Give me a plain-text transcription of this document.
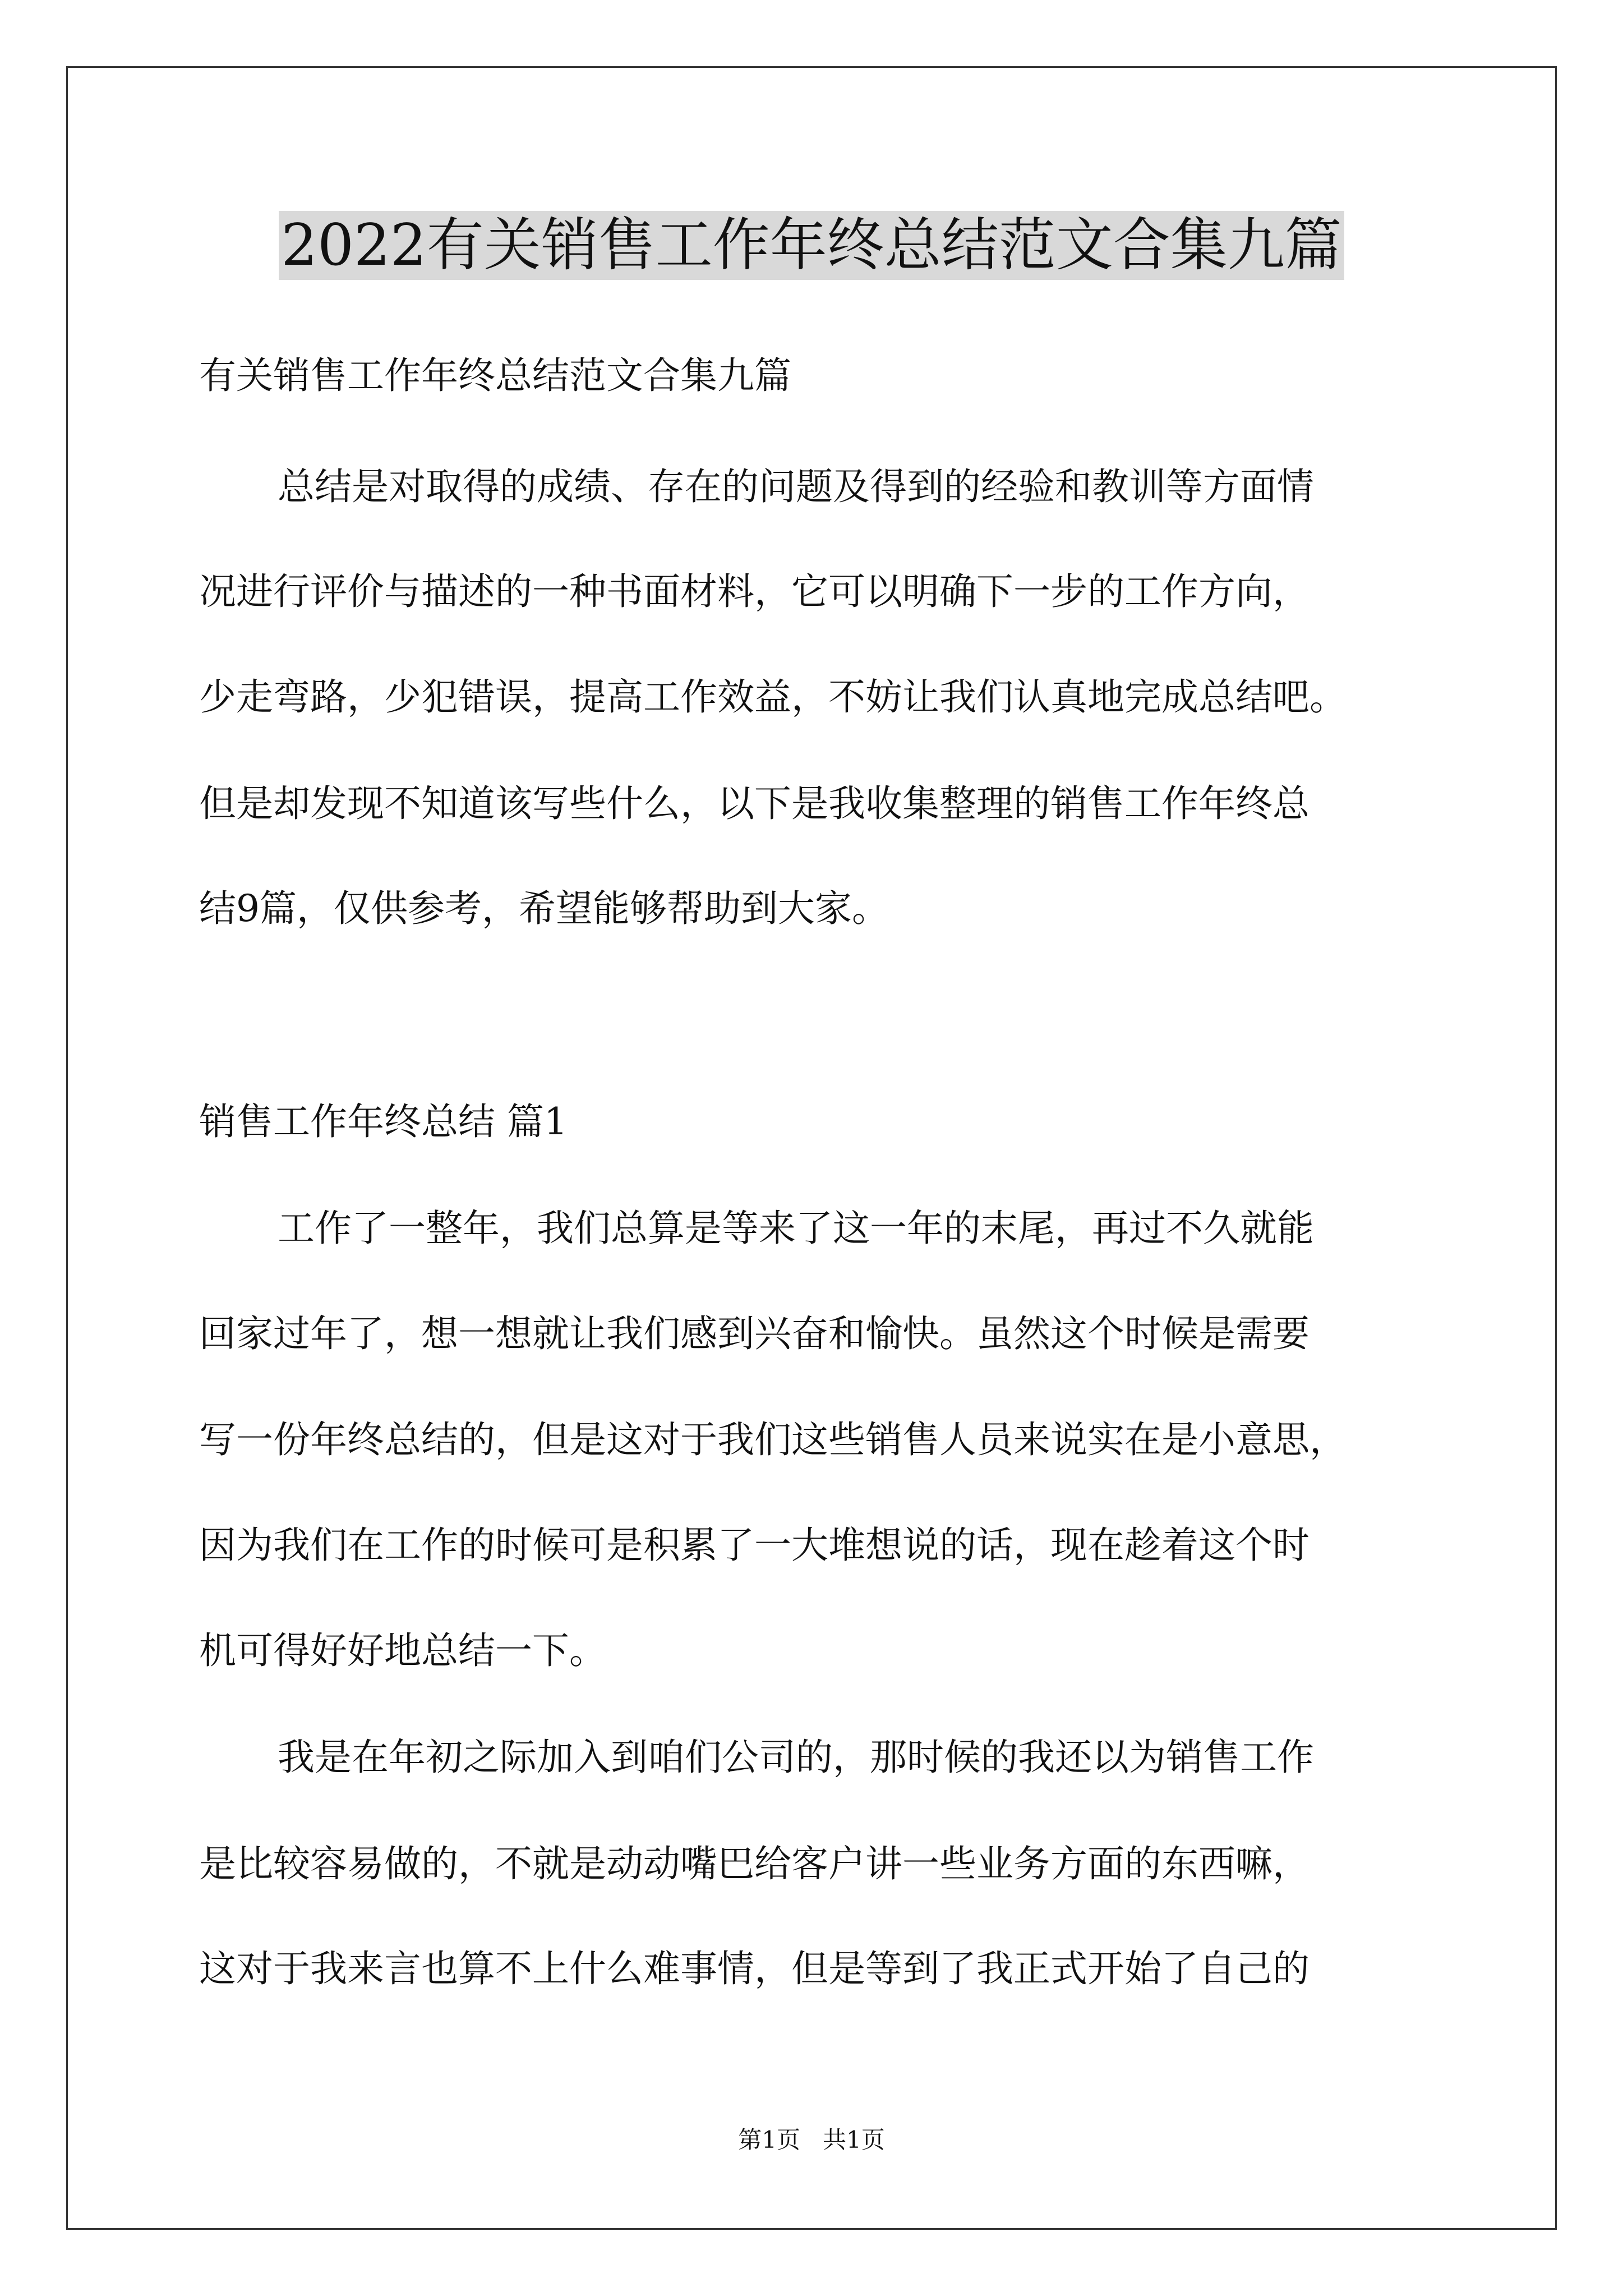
2022有关销售工作年终总结范文合集九篇

有关销售工作年终总结范文合集九篇

总结是对取得的成绩、存在的问题及得到的经验和教训等方面情

况进行评价与描述的一种书面材料，它可以明确下一步的工作方向，

少走弯路，少犯错误，提高工作效益，不妨让我们认真地完成总结吧。

但是却发现不知道该写些什么，以下是我收集整理的销售工作年终总

结9篇，仅供参考，希望能够帮助到大家。

销售工作年终总结 篇1

工作了一整年，我们总算是等来了这一年的末尾，再过不久就能

回家过年了，想一想就让我们感到兴奋和愉快。虽然这个时候是需要

写一份年终总结的，但是这对于我们这些销售人员来说实在是小意思，

因为我们在工作的时候可是积累了一大堆想说的话，现在趁着这个时

机可得好好地总结一下。

我是在年初之际加入到咱们公司的，那时候的我还以为销售工作

是比较容易做的，不就是动动嘴巴给客户讲一些业务方面的东西嘛，

这对于我来言也算不上什么难事情，但是等到了我正式开始了自己的

第1页   共1页
